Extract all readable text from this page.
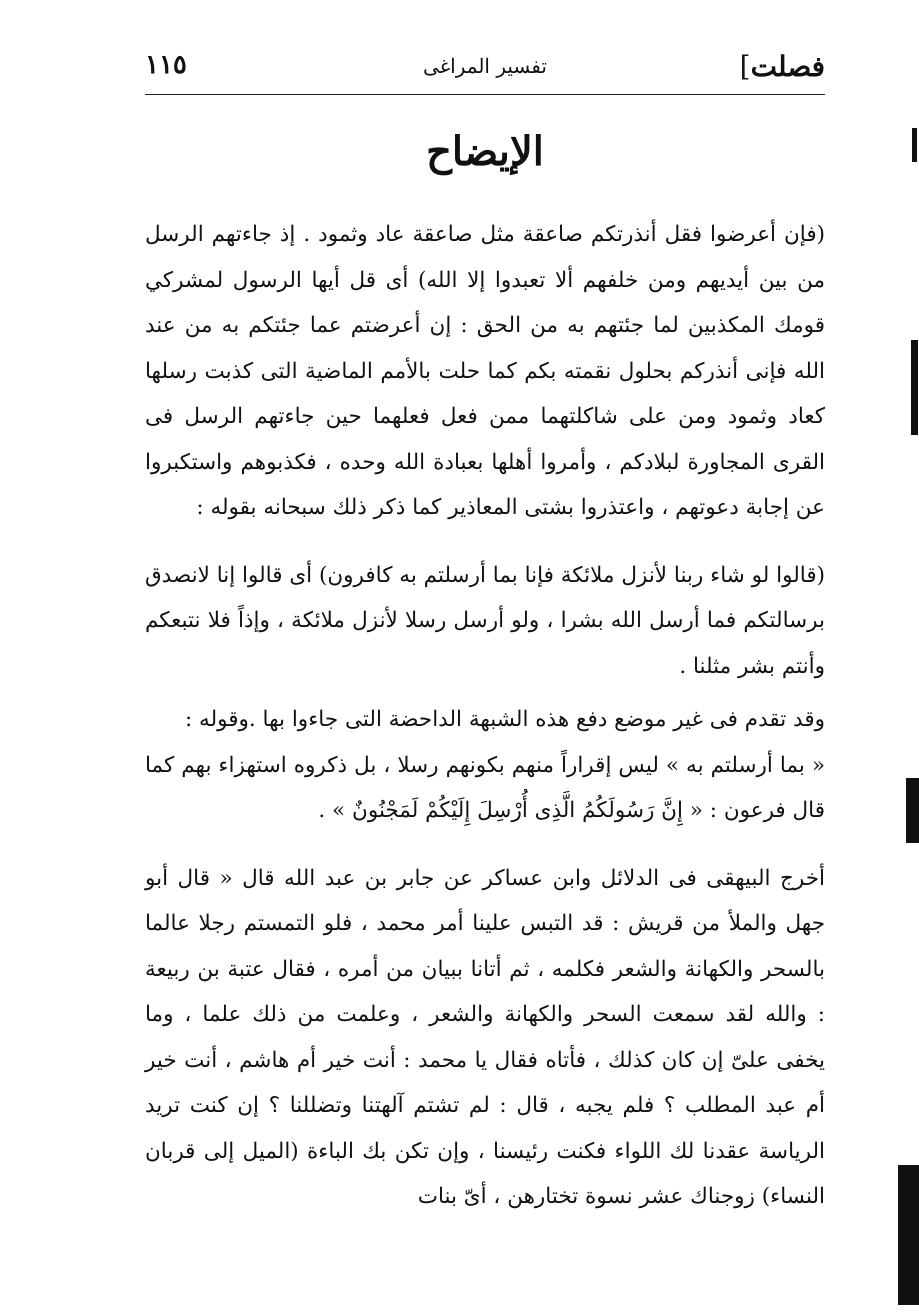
فصلت]
تفسير المراغى
١١٥
الإيضاح

(فإن أعرضوا فقل أنذرتكم صاعقة مثل صاعقة عاد وثمود . إذ جاءتهم الرسل من بين أيديهم ومن خلفهم ألا تعبدوا إلا الله) أى قل أيها الرسول لمشركي قومك المكذبين لما جئتهم به من الحق : إن أعرضتم عما جئتكم به من عند الله فإنى أنذركم بحلول نقمته بكم كما حلت بالأمم الماضية التى كذبت رسلها كعاد وثمود ومن على شاكلتهما ممن فعل فعلهما حين جاءتهم الرسل فى القرى المجاورة لبلادكم ، وأمروا أهلها بعبادة الله وحده ، فكذبوهم واستكبروا عن إجابة دعوتهم ، واعتذروا بشتى المعاذير كما ذكر ذلك سبحانه بقوله :

(قالوا لو شاء ربنا لأنزل ملائكة فإنا بما أرسلتم به كافرون) أى قالوا إنا لانصدق برسالتكم فما أرسل الله بشرا ، ولو أرسل رسلا لأنزل ملائكة ، وإذاً فلا نتبعكم وأنتم بشر مثلنا .

وقد تقدم فى غير موضع دفع هذه الشبهة الداحضة التى جاءوا بها .وقوله :

« بما أرسلتم به » ليس إقراراً منهم بكونهم رسلا ، بل ذكروه استهزاء بهم كما قال فرعون : « إِنَّ رَسُولَكُمُ الَّذِى أُرْسِلَ إِلَيْكُمْ لَمَجْنُونٌ » .

أخرج البيهقى فى الدلائل وابن عساكر عن جابر بن عبد الله قال « قال أبو جهل والملأ من قريش : قد التبس علينا أمر محمد ، فلو التمستم رجلا عالما بالسحر والكهانة والشعر فكلمه ، ثم أتانا ببيان من أمره ، فقال عتبة بن ربيعة : والله لقد سمعت السحر والكهانة والشعر ، وعلمت من ذلك علما ، وما يخفى علىّ إن كان كذلك ، فأتاه فقال يا محمد : أنت خير أم هاشم ، أنت خير أم عبد المطلب ؟ فلم يجبه ، قال : لم تشتم آلهتنا وتضللنا ؟ إن كنت تريد الرياسة عقدنا لك اللواء فكنت رئيسنا ، وإن تكن بك الباءة (الميل إلى قربان النساء) زوجناك عشر نسوة تختارهن ، أىّ بنات
